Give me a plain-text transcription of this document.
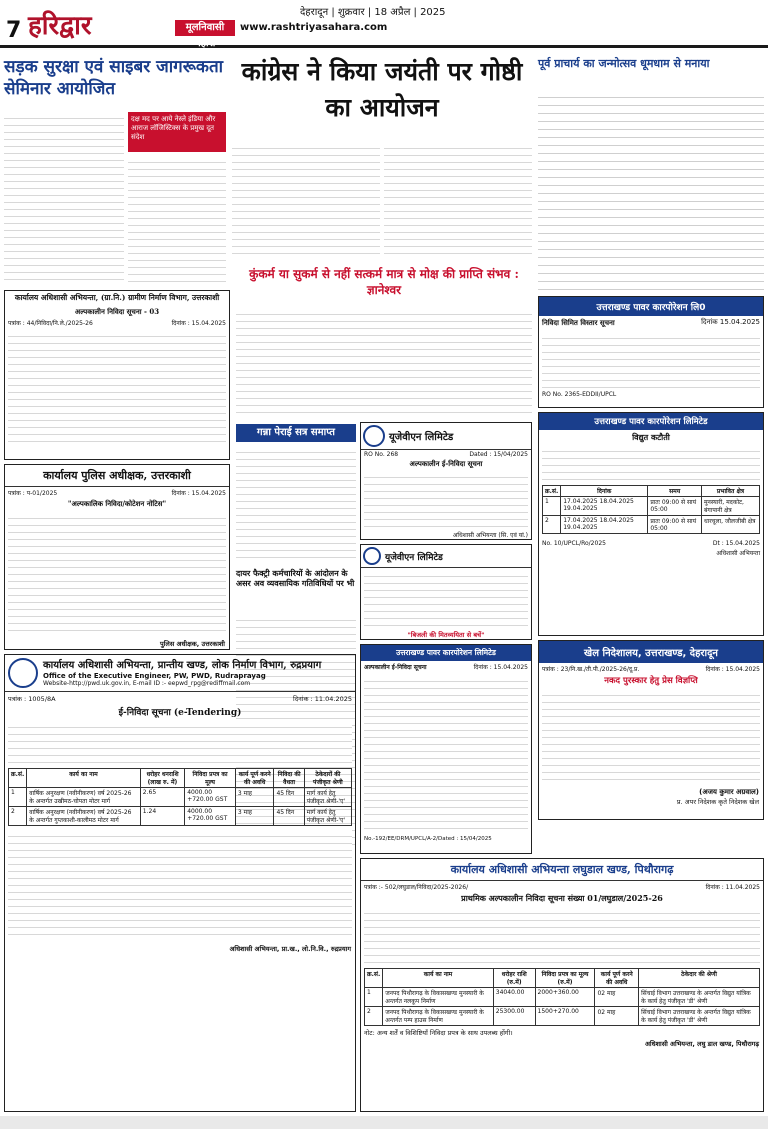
7 हरिद्वार	मूलनिवासी महारा
देहरादून | शुक्रवार | 18 अप्रैल | 2025
www.rashtriyasahara.com
सड़क सुरक्षा एवं साइबर जागरूकता सेमिनार आयोजित
दक्ष मद पर आये नेस्ले इंडिया और आराज लॉजिस्टिक्स के प्रमुख दूत संदेश
कांग्रेस ने किया जयंती पर गोष्ठी का आयोजन
पूर्व प्राचार्य का जन्मोत्सव धूमधाम से मनाया
कार्यालय अधिशासी अभियन्ता, (ग्रा.नि.) ग्रामीण निर्माण विभाग, उत्तरकाशी
अल्पकालीन निविदा सूचना - 03
पत्रांक : 44/निविदा/नि.ले./2025-26	दिनांक : 15.04.2025
कुंकर्म या सुकर्म से नहीं सत्कर्म मात्र से मोक्ष की प्राप्ति संभव : ज्ञानेश्वर
गन्ना पेराई सत्र समाप्त	यूजेवीएन लिमिटेड
RO No. 268	Dated : 15/04/2025
अल्पकालीन ई-निविदा सूचना
अधिशासी अभियन्ता (सि. एवं यां.)
उत्तराखण्ड पावर कारपोरेशन लि0
निविदा सिमित विस्तार सूचना	दिनांक 15.04.2025
RO No. 2365-EDDII/UPCL
उत्तराखण्ड पावर कारपोरेशन लिमिटेड
विद्युत कटौती
क्र.सं.	दिनांक	समय	प्रभावित क्षेत्र
1	17.04.2025 18.04.2025 19.04.2025	प्रातः 09:00 से सायं 05:00	मुनस्यारी, मदकोट, बंगापानी क्षेत्र
2	17.04.2025 18.04.2025 19.04.2025	प्रातः 09:00 से सायं 05:00	धारचूला, जौलजीबी क्षेत्र
No. 10/UPCL/Ro/2025	Dt : 15.04.2025
अधिशासी अभियन्ता
कार्यालय पुलिस अधीक्षक, उत्तरकाशी
पत्रांक : प-01/2025	दिनांक : 15.04.2025
"अल्पकालिक निविदा/कोटेशन नोटिस"
पुलिस अधीक्षक, उत्तरकाशी
दायर फैक्ट्री कर्मचारियों के आंदोलन के असर अव व्यवसायिक गतिविधियों पर भी
यूजेवीएन लिमिटेड
"बिजली की मितव्ययिता से बचें"
उत्तराखण्ड पावर कारपोरेशन लिमिटेड
अल्पकालीन ई-निविदा सूचना	दिनांक : 15.04.2025
No.-192/EE/DRM/UPCL/A-2/Dated : 15/04/2025
खेल निदेशालय, उत्तराखण्ड, देहरादून
पत्रांक : 23/नि.ख./ती.पी./2025-26/दू.प्र.	दिनांक : 15.04.2025
नकद पुरस्कार हेतु प्रेस विज्ञप्ति
(अजय कुमार अग्रवाल)
प्र. अपर निदेशक कृते निदेशक खेल
कार्यालय अधिशासी अभियन्ता, प्रान्तीय खण्ड, लोक निर्माण विभाग, रुद्रप्रयाग
Office of the Executive Engineer, PW, PWD, Rudraprayag
Website-http://pwd.uk.gov.in, E-mail ID :- eepwd_rpg@rediffmail.com
पत्रांक : 1005/8A	दिनांक : 11.04.2025
ई-निविदा सूचना (e-Tendering)
क्र.सं.	कार्य का नाम	धरोहर धनराशि (लाख रु. में)	निविदा प्रपत्र का मूल्य	कार्य पूर्ण करने की अवधि	निविदा की वैधता	ठेकेदारों की पंजीकृत श्रेणी
1	वार्षिक अनुरक्षण (नवीनीकरण) वर्ष 2025-26 के अन्तर्गत उखीमठ-चोपता मोटर मार्ग	2.65	4000.00 +720.00 GST	3 माह	45 दिन	मार्ग कार्य हेतु पंजीकृत श्रेणी-'ए'
2	वार्षिक अनुरक्षण (नवीनीकरण) वर्ष 2025-26 के अन्तर्गत गुप्तकाशी-कालीमठ मोटर मार्ग	1.24	4000.00 +720.00 GST	3 माह	45 दिन	मार्ग कार्य हेतु पंजीकृत श्रेणी-'ए'
अधिशासी अभियन्ता, प्रा.ख., लो.नि.वि., रुद्रप्रयाग
कार्यालय अधिशासी अभियन्ता लघुडाल खण्ड, पिथौरागढ़
पत्रांक :- 502/लघुडाल/निविदा/2025-2026/	दिनांक : 11.04.2025
प्राथमिक अल्पकालीन निविदा सूचना संख्या 01/लघुडाल/2025-26
क्र.सं.	कार्य का नाम	धरोहर राशि (रु.में)	निविदा प्रपत्र का मूल्य (रु.में)	कार्य पूर्ण करने की अवधि	ठेकेदार की श्रेणी
1	जनपद पिथौरागढ़ के विकासखण्ड मुनस्यारी के अन्तर्गत नलकूप निर्माण	34040.00	2000+360.00	02 माह	सिंचाई विभाग उत्तराखण्ड के अन्तर्गत विद्युत यांत्रिक के कार्य हेतु पंजीकृत 'डी' श्रेणी
2	जनपद पिथौरागढ़ के विकासखण्ड मुनस्यारी के अन्तर्गत पम्प हाउस निर्माण	25300.00	1500+270.00	02 माह	सिंचाई विभाग उत्तराखण्ड के अन्तर्गत विद्युत यांत्रिक के कार्य हेतु पंजीकृत 'डी' श्रेणी
नोट: अन्य शर्तें व विशिष्टियाँ निविदा प्रपत्र के साथ उपलब्ध होंगी।
अधिशासी अभियन्ता, लघु डाल खण्ड, पिथौरागढ़
